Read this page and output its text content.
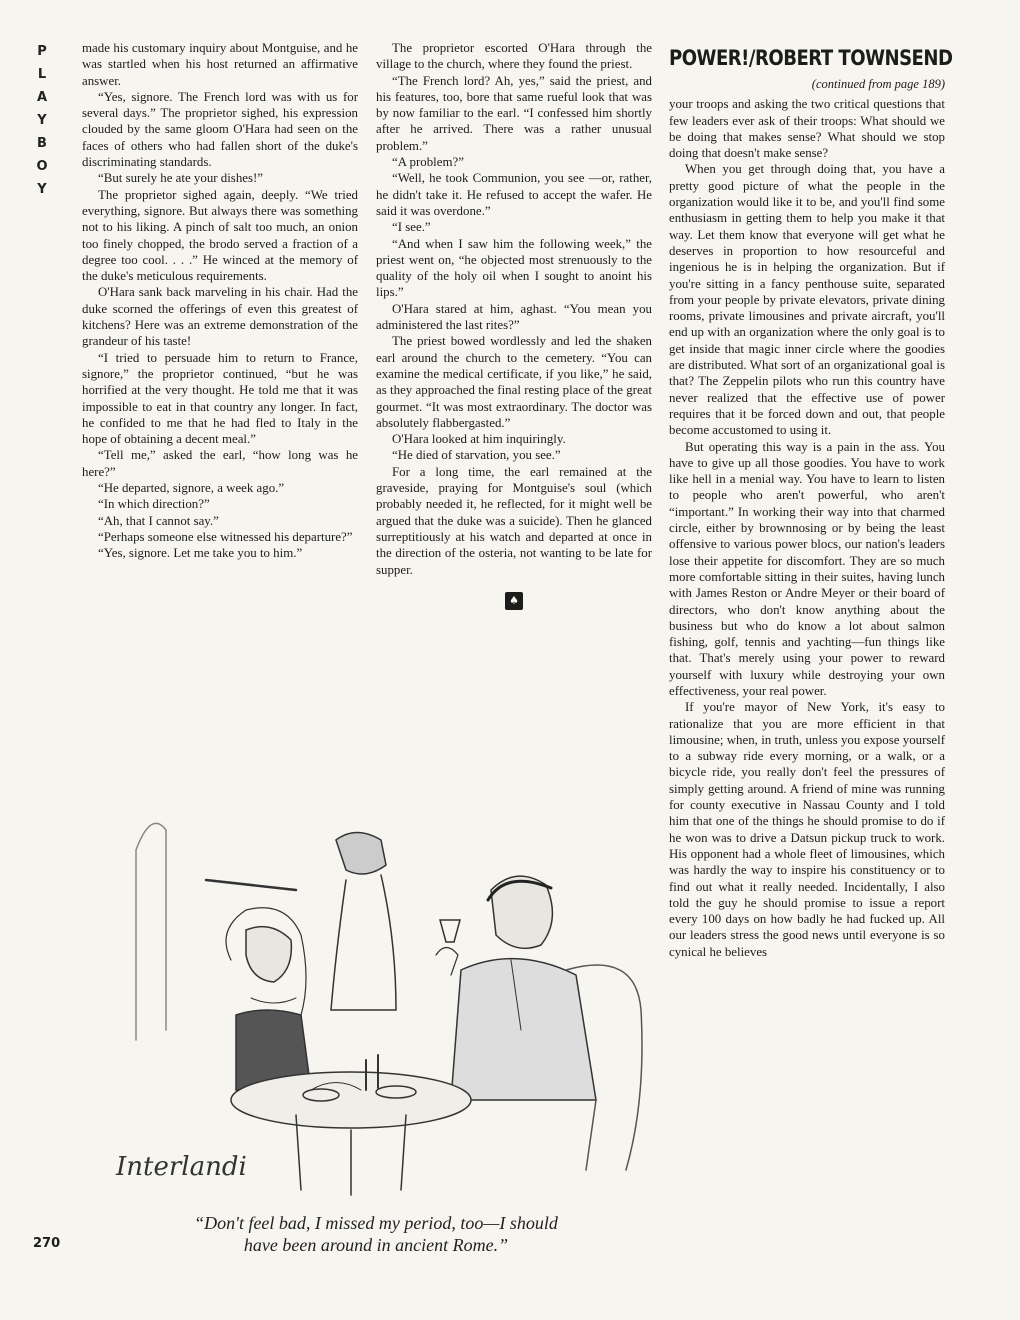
P
L
A
Y
B
O
Y

made his customary inquiry about Montguise, and he was startled when his host returned an affirmative answer.

“Yes, signore. The French lord was with us for several days.” The proprietor sighed, his expression clouded by the same gloom O'Hara had seen on the faces of others who had fallen short of the duke's discriminating standards.

“But surely he ate your dishes!”

The proprietor sighed again, deeply. “We tried everything, signore. But always there was something not to his liking. A pinch of salt too much, an onion too finely chopped, the brodo served a fraction of a degree too cool. . . .” He winced at the memory of the duke's meticulous requirements.

O'Hara sank back marveling in his chair. Had the duke scorned the offerings of even this greatest of kitchens? Here was an extreme demonstration of the grandeur of his taste!

“I tried to persuade him to return to France, signore,” the proprietor continued, “but he was horrified at the very thought. He told me that it was impossible to eat in that country any longer. In fact, he confided to me that he had fled to Italy in the hope of obtaining a decent meal.”

“Tell me,” asked the earl, “how long was he here?”

“He departed, signore, a week ago.”

“In which direction?”

“Ah, that I cannot say.”

“Perhaps someone else witnessed his departure?”

“Yes, signore. Let me take you to him.”

The proprietor escorted O'Hara through the village to the church, where they found the priest.

“The French lord? Ah, yes,” said the priest, and his features, too, bore that same rueful look that was by now familiar to the earl. “I confessed him shortly after he arrived. There was a rather unusual problem.”

“A problem?”

“Well, he took Communion, you see —or, rather, he didn't take it. He refused to accept the wafer. He said it was overdone.”

“I see.”

“And when I saw him the following week,” the priest went on, “he objected most strenuously to the quality of the holy oil when I sought to anoint his lips.”

O'Hara stared at him, aghast. “You mean you administered the last rites?”

The priest bowed wordlessly and led the shaken earl around the church to the cemetery. “You can examine the medical certificate, if you like,” he said, as they approached the final resting place of the great gourmet. “It was most extraordinary. The doctor was absolutely flabbergasted.”

O'Hara looked at him inquiringly.

“He died of starvation, you see.”

For a long time, the earl remained at the graveside, praying for Montguise's soul (which probably needed it, he reflected, for it might well be argued that the duke was a suicide). Then he glanced surreptitiously at his watch and departed at once in the direction of the osteria, not wanting to be late for supper.

♠
POWER!/ROBERT TOWNSEND
(continued from page 189)

your troops and asking the two critical questions that few leaders ever ask of their troops: What should we be doing that makes sense? What should we stop doing that doesn't make sense?

When you get through doing that, you have a pretty good picture of what the people in the organization would like it to be, and you'll find some enthusiasm in getting them to help you make it that way. Let them know that everyone will get what he deserves in proportion to how resourceful and ingenious he is in helping the organization. But if you're sitting in a fancy penthouse suite, separated from your people by private elevators, private dining rooms, private limousines and private aircraft, you'll end up with an organization where the only goal is to get inside that magic inner circle where the goodies are distributed. What sort of an organizational goal is that? The Zeppelin pilots who run this country have never realized that the effective use of power requires that it be forced down and out, that people become accustomed to using it.

But operating this way is a pain in the ass. You have to give up all those goodies. You have to work like hell in a menial way. You have to learn to listen to people who aren't powerful, who aren't “important.” In working their way into that charmed circle, either by brownnosing or by being the least offensive to various power blocs, our nation's leaders lose their appetite for discomfort. They are so much more comfortable sitting in their suites, having lunch with James Reston or Andre Meyer or their board of directors, who don't know anything about the business but who do know a lot about salmon fishing, golf, tennis and yachting—fun things like that. That's merely using your power to reward yourself with luxury while destroying your own effectiveness, your real power.

If you're mayor of New York, it's easy to rationalize that you are more efficient in that limousine; when, in truth, unless you expose yourself to a subway ride every morning, or a walk, or a bicycle ride, you really don't feel the pressures of simply getting around. A friend of mine was running for county executive in Nassau County and I told him that one of the things he should promise to do if he won was to drive a Datsun pickup truck to work. His opponent had a whole fleet of limousines, which was hardly the way to inspire his constituency or to find out what it really needed. Incidentally, I also told the guy he should promise to issue a report every 100 days on how badly he had fucked up. All our leaders stress the good news until everyone is so cynical he believes

Interlandi
“Don't feel bad, I missed my period, too—I should
have been around in ancient Rome.”
270
